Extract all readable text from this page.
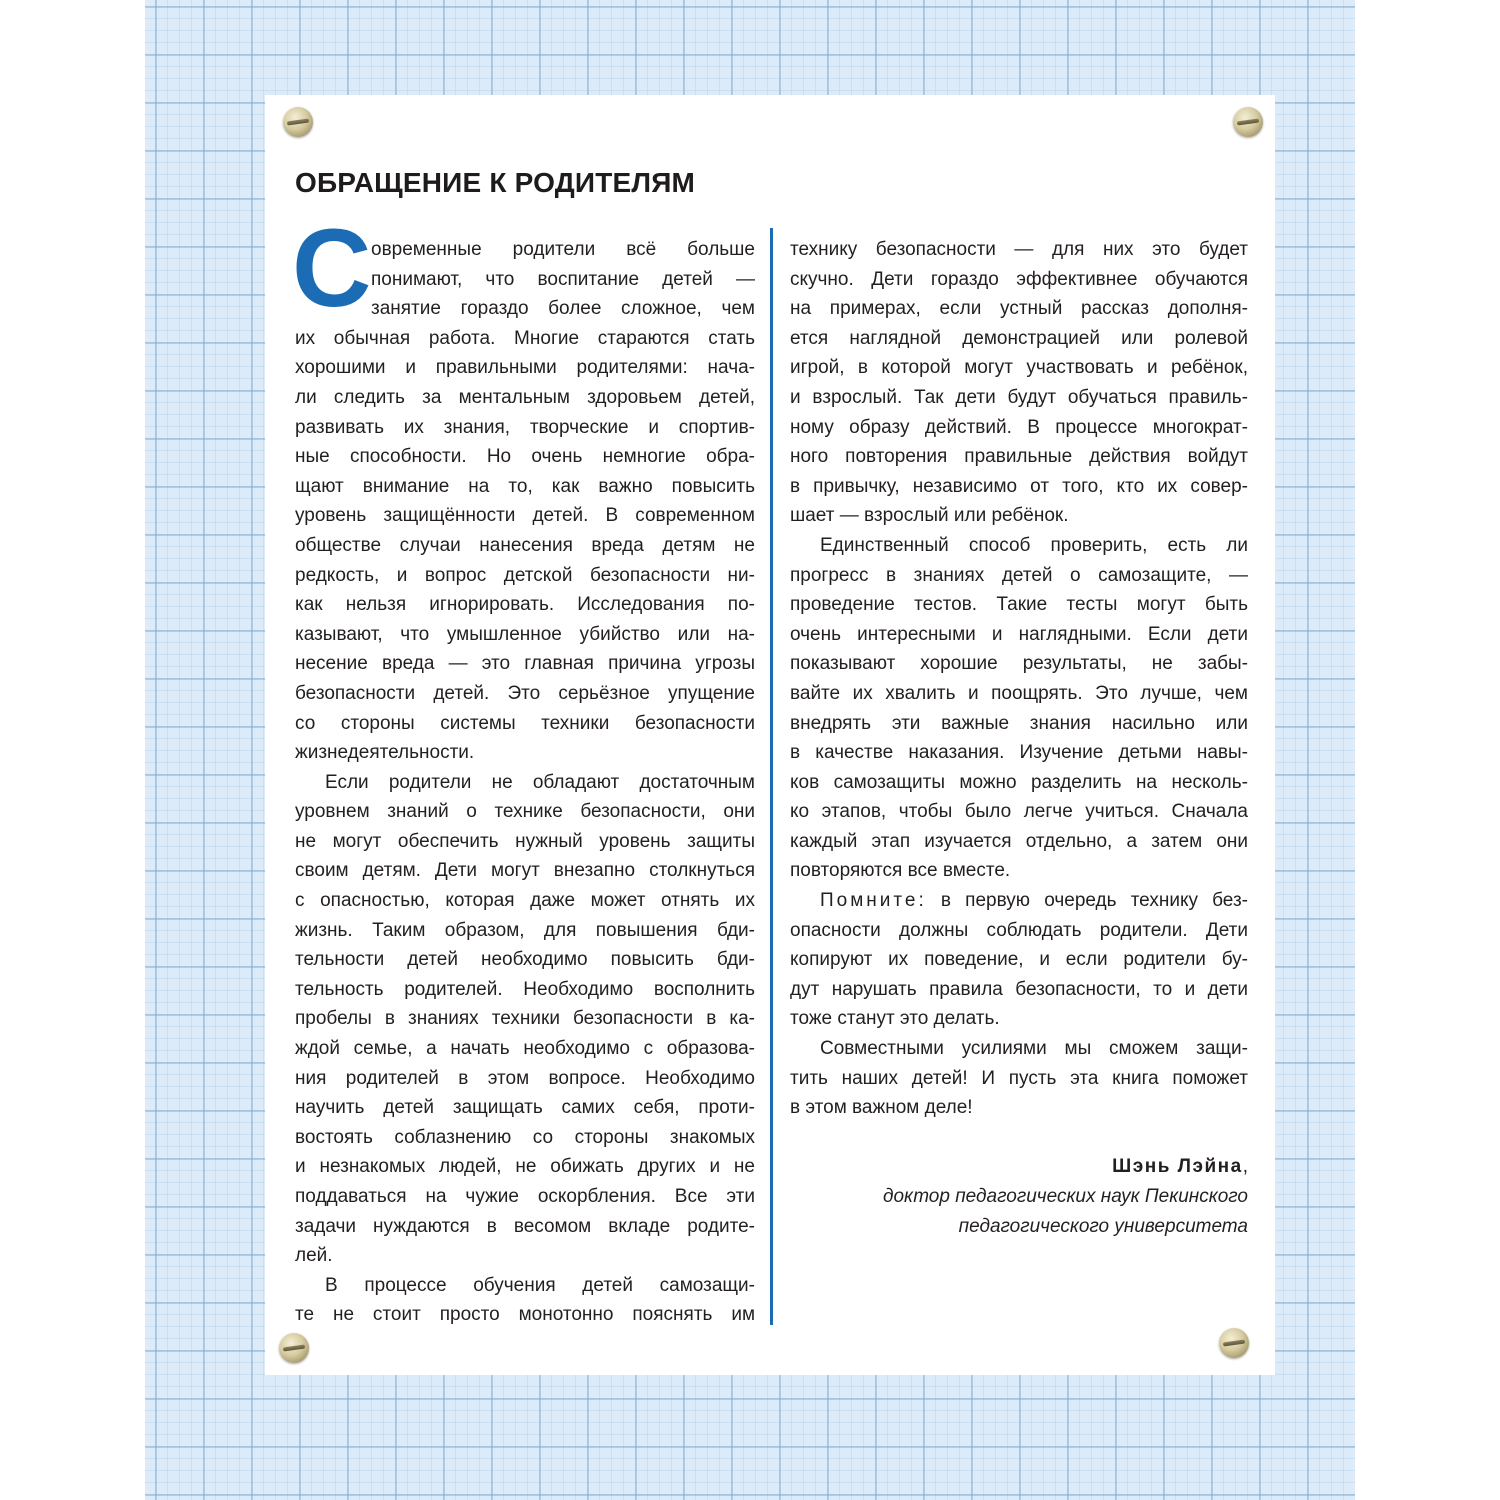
ОБРАЩЕНИЕ К РОДИТЕЛЯМ
С овременные родители всё больше
понимают, что воспитание детей —
занятие гораздо более сложное, чем
их обычная работа. Многие стараются стать
хорошими и правильными родителями: нача-
ли следить за ментальным здоровьем детей,
развивать их знания, творческие и спортив-
ные способности. Но очень немногие обра-
щают внимание на то, как важно повысить
уровень защищённости детей. В современном
обществе случаи нанесения вреда детям не
редкость, и вопрос детской безопасности ни-
как нельзя игнорировать. Исследования по-
казывают, что умышленное убийство или на-
несение вреда — это главная причина угрозы
безопасности детей. Это серьёзное упущение
со стороны системы техники безопасности
жизнедеятельности.
Если родители не обладают достаточным
уровнем знаний о технике безопасности, они
не могут обеспечить нужный уровень защиты
своим детям. Дети могут внезапно столкнуться
с опасностью, которая даже может отнять их
жизнь. Таким образом, для повышения бди-
тельности детей необходимо повысить бди-
тельность родителей. Необходимо восполнить
пробелы в знаниях техники безопасности в ка-
ждой семье, а начать необходимо с образова-
ния родителей в этом вопросе. Необходимо
научить детей защищать самих себя, проти-
востоять соблазнению со стороны знакомых
и незнакомых людей, не обижать других и не
поддаваться на чужие оскорбления. Все эти
задачи нуждаются в весомом вкладе родите-
лей.
В процессе обучения детей самозащи-
те не стоит просто монотонно пояснять им
технику безопасности — для них это будет
скучно. Дети гораздо эффективнее обучаются
на примерах, если устный рассказ дополня-
ется наглядной демонстрацией или ролевой
игрой, в которой могут участвовать и ребёнок,
и взрослый. Так дети будут обучаться правиль-
ному образу действий. В процессе многократ-
ного повторения правильные действия войдут
в привычку, независимо от того, кто их совер-
шает — взрослый или ребёнок.
Единственный способ проверить, есть ли
прогресс в знаниях детей о самозащите, —
проведение тестов. Такие тесты могут быть
очень интересными и наглядными. Если дети
показывают хорошие результаты, не забы-
вайте их хвалить и поощрять. Это лучше, чем
внедрять эти важные знания насильно или
в качестве наказания. Изучение детьми навы-
ков самозащиты можно разделить на несколь-
ко этапов, чтобы было легче учиться. Сначала
каждый этап изучается отдельно, а затем они
повторяются все вместе.
Помните: в первую очередь технику без-
опасности должны соблюдать родители. Дети
копируют их поведение, и если родители бу-
дут нарушать правила безопасности, то и дети
тоже станут это делать.
Совместными усилиями мы сможем защи-
тить наших детей! И пусть эта книга поможет
в этом важном деле!
Шэнь Лэйна,
доктор педагогических наук Пекинского
педагогического университета
